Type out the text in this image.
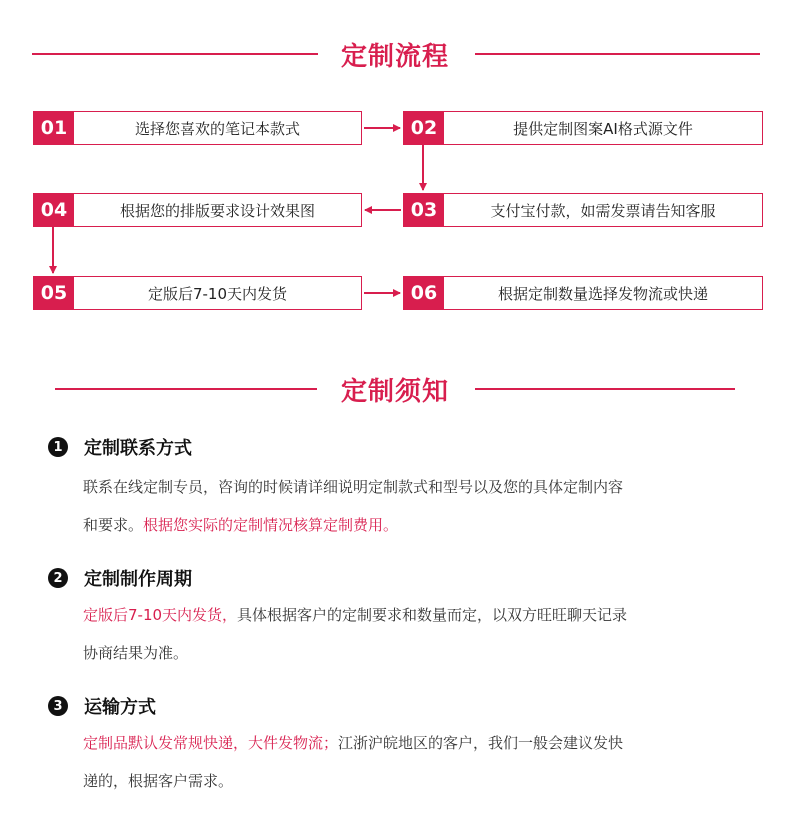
定制流程
01	选择您喜欢的笔记本款式	02	提供定制图案AI格式源文件
04	根据您的排版要求设计效果图	03	支付宝付款，如需发票请告知客服
05	定版后7-10天内发货	06	根据定制数量选择发物流或快递
定制须知
1	定制联系方式
联系在线定制专员，咨询的时候请详细说明定制款式和型号以及您的具体定制内容
和要求。根据您实际的定制情况核算定制费用。
2	定制制作周期
定版后7-10天内发货，具体根据客户的定制要求和数量而定，以双方旺旺聊天记录
协商结果为准。
3	运输方式
定制品默认发常规快递，大件发物流；江浙沪皖地区的客户，我们一般会建议发快
递的，根据客户需求。
